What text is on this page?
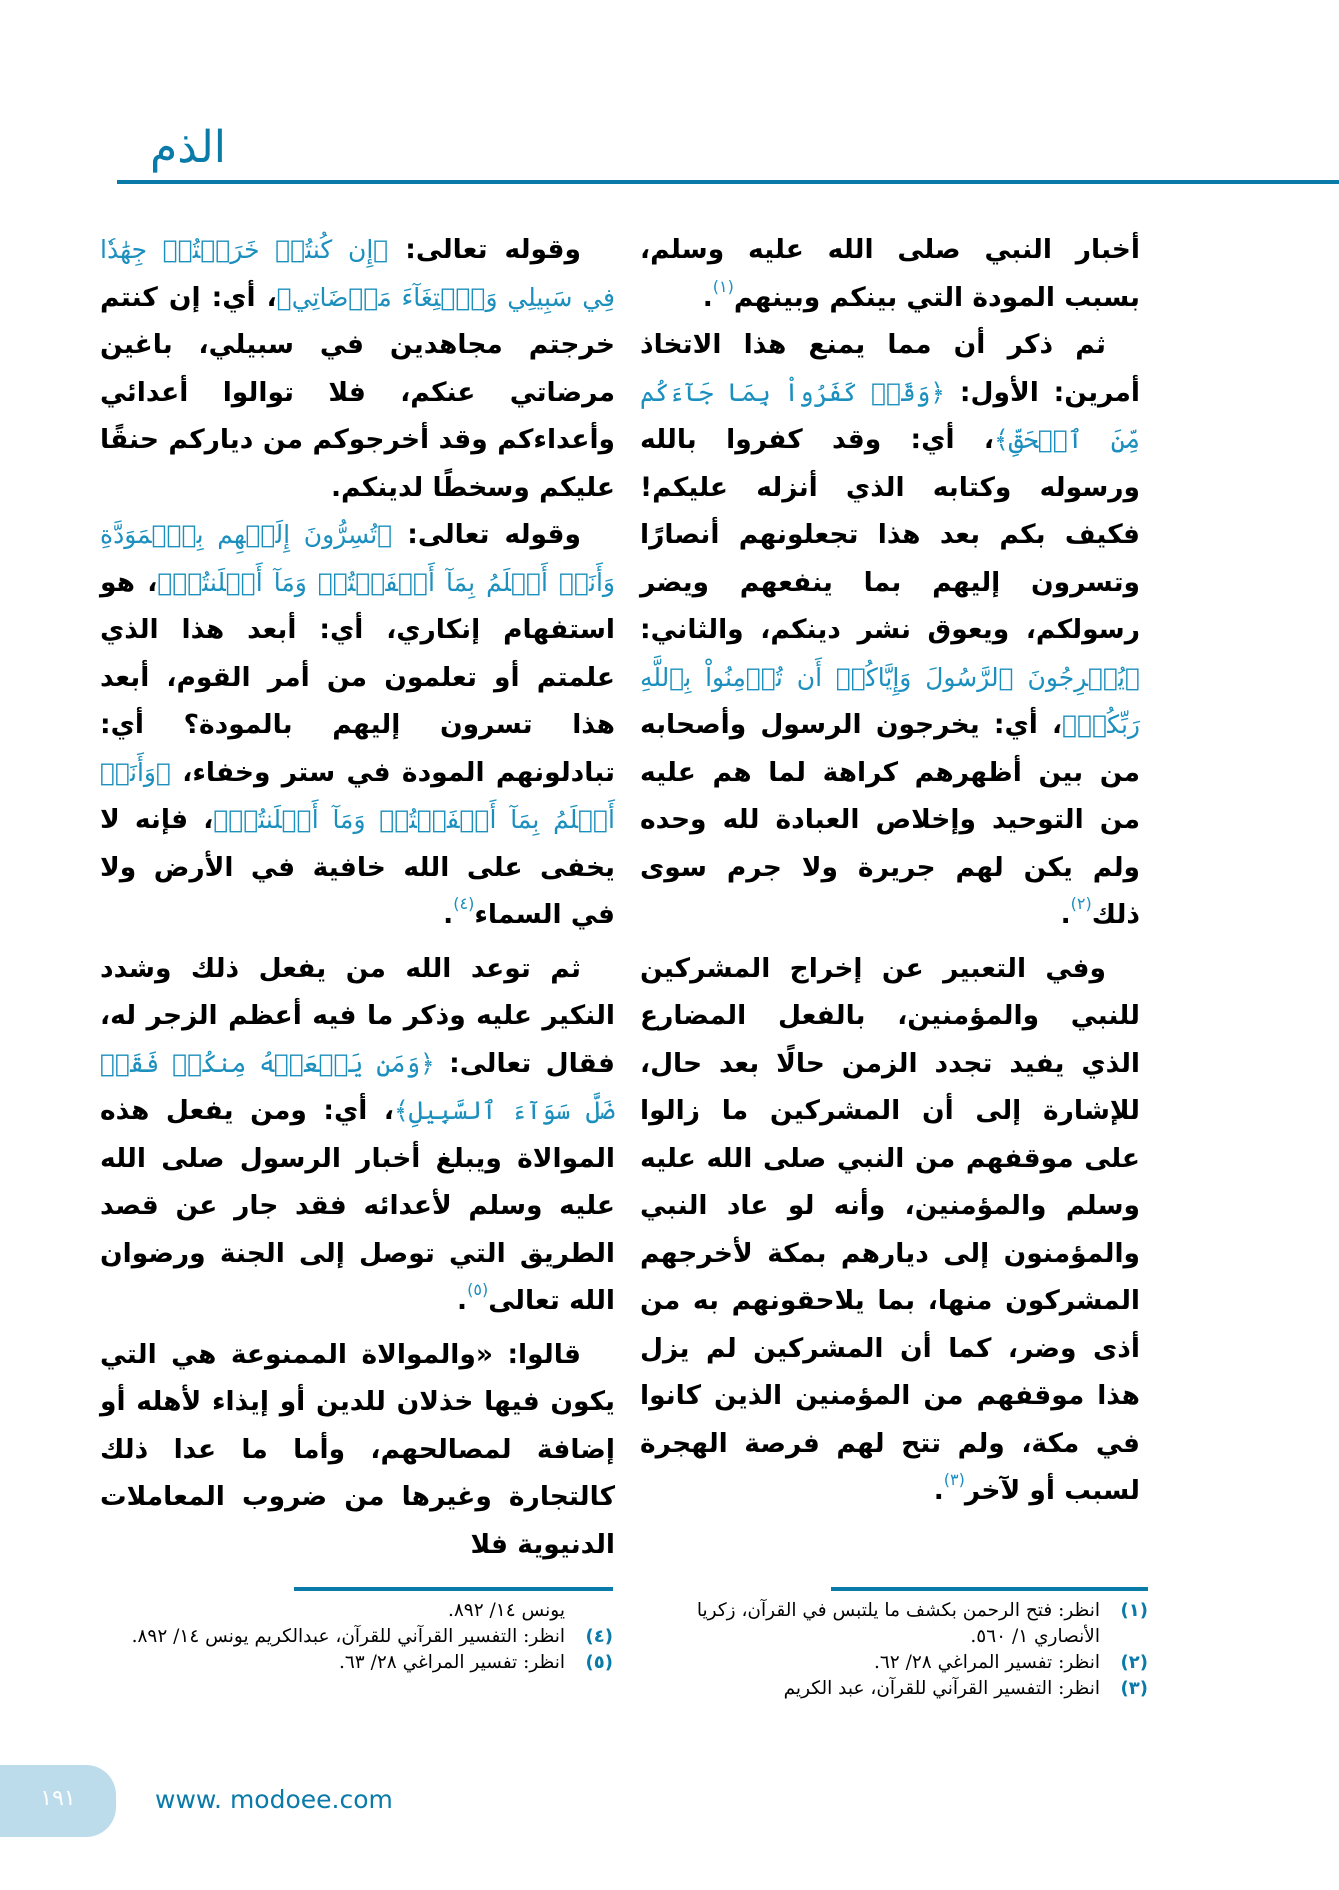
الذم

أخبار النبي صلى الله عليه وسلم، بسبب المودة التي بينكم وبينهم$^{(١)}$.

ثم ذكر أن مما يمنع هذا الاتخاذ أمرين: الأول: ﴿وَقَدۡ كَفَرُواْ بِمَا جَآءَكُم مِّنَ ٱلۡحَقِّ﴾، أي: وقد كفروا بالله ورسوله وكتابه الذي أنزله عليكم! فكيف بكم بعد هذا تجعلونهم أنصارًا وتسرون إليهم بما ينفعهم ويضر رسولكم، ويعوق نشر دينكم، والثاني: ﴿يُخۡرِجُونَ ٱلرَّسُولَ وَإِيَّاكُمۡ أَن تُؤۡمِنُواْ بِٱللَّهِ رَبِّكُمۡ﴾، أي: يخرجون الرسول وأصحابه من بين أظهرهم كراهة لما هم عليه من التوحيد وإخلاص العبادة لله وحده ولم يكن لهم جريرة ولا جرم سوى ذلك$^{(٢)}$.

وفي التعبير عن إخراج المشركين للنبي والمؤمنين، بالفعل المضارع الذي يفيد تجدد الزمن حالًا بعد حال، للإشارة إلى أن المشركين ما زالوا على موقفهم من النبي صلى الله عليه وسلم والمؤمنين، وأنه لو عاد النبي والمؤمنون إلى ديارهم بمكة لأخرجهم المشركون منها، بما يلاحقونهم به من أذى وضر، كما أن المشركين لم يزل هذا موقفهم من المؤمنين الذين كانوا في مكة، ولم تتح لهم فرصة الهجرة لسبب أو لآخر$^{(٣)}$.

وقوله تعالى: ﴿إِن كُنتُمۡ خَرَجۡتُمۡ جِهَٰدٗا فِي سَبِيلِي وَٱبۡتِغَآءَ مَرۡضَاتِي﴾، أي: إن كنتم خرجتم مجاهدين في سبيلي، باغين مرضاتي عنكم، فلا توالوا أعدائي وأعداءكم وقد أخرجوكم من دياركم حنقًا عليكم وسخطًا لدينكم.

وقوله تعالى: ﴿تُسِرُّونَ إِلَيۡهِم بِٱلۡمَوَدَّةِ وَأَنَا۠ أَعۡلَمُ بِمَآ أَخۡفَيۡتُمۡ وَمَآ أَعۡلَنتُمۡ﴾، هو استفهام إنكاري، أي: أبعد هذا الذي علمتم أو تعلمون من أمر القوم، أبعد هذا تسرون إليهم بالمودة؟ أي: تبادلونهم المودة في ستر وخفاء، ﴿وَأَنَا۠ أَعۡلَمُ بِمَآ أَخۡفَيۡتُمۡ وَمَآ أَعۡلَنتُمۡ﴾، فإنه لا يخفى على الله خافية في الأرض ولا في السماء$^{(٤)}$.

ثم توعد الله من يفعل ذلك وشدد النكير عليه وذكر ما فيه أعظم الزجر له، فقال تعالى: ﴿وَمَن يَفۡعَلۡهُ مِنكُمۡ فَقَدۡ ضَلَّ سَوَآءَ ٱلسَّبِيلِ﴾، أي: ومن يفعل هذه الموالاة ويبلغ أخبار الرسول صلى الله عليه وسلم لأعدائه فقد جار عن قصد الطريق التي توصل إلى الجنة ورضوان الله تعالى$^{(٥)}$.

قالوا: «والموالاة الممنوعة هي التي يكون فيها خذلان للدين أو إيذاء لأهله أو إضافة لمصالحهم، وأما ما عدا ذلك كالتجارة وغيرها من ضروب المعاملات الدنيوية فلا

(١)
انظر: فتح الرحمن بكشف ما يلتبس في القرآن، زكريا الأنصاري ١/ ٥٦٠.
(٢)
انظر: تفسير المراغي ٢٨/ ٦٢.
(٣)
انظر: التفسير القرآني للقرآن، عبد الكريم
يونس ١٤/ ٨٩٢.
(٤)
انظر: التفسير القرآني للقرآن، عبدالكريم يونس ١٤/ ٨٩٢.
(٥)
انظر: تفسير المراغي ٢٨/ ٦٣.
١٩١	www. modoee.com
